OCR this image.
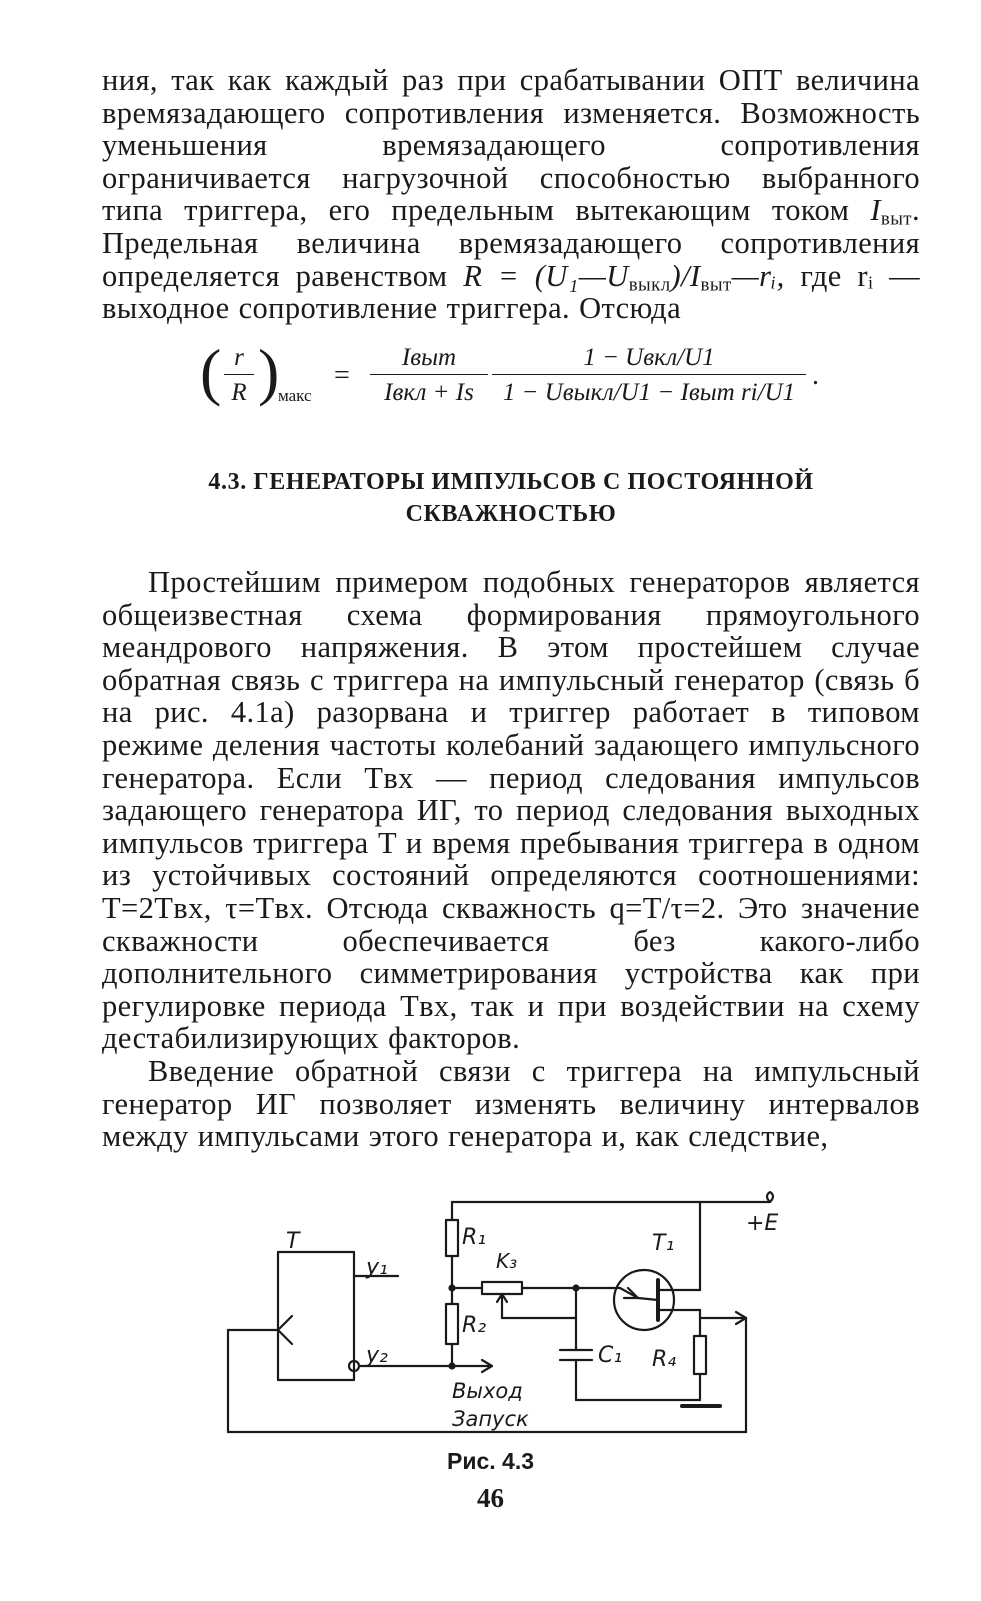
ния, так как каждый раз при срабатывании ОПТ величина времязадающего сопротивления изменяется. Возможность уменьшения времязадающего сопротивления ограничивается нагрузочной способностью выбранного типа триггера, его предельным вытекающим током $I_{выт}$. Предельная величина времязадающего сопротивления определяется равенством $R = (U_1—U_{выкл})/I_{выт}—rᵢ$, где rᵢ — выходное сопротивление триггера. Отсюда

( $\frac{r}{R}$ )
макс
=
Iвыт
Iвкл + Is
1 − Uвкл/U1
1 − Uвыкл/U1 − Iвыт ri/U1
.
4.3. ГЕНЕРАТОРЫ ИМПУЛЬСОВ С ПОСТОЯННОЙ
СКВАЖНОСТЬЮ

Простейшим примером подобных генераторов является общеизвестная схема формирования прямоугольного меандрового напряжения. В этом простейшем случае обратная связь с триггера на импульсный генератор (связь б на рис. 4.1а) разорвана и триггер работает в типовом режиме деления частоты колебаний задающего импульсного генератора. Если Tвх — период следования импульсов задающего генератора ИГ, то период следования выходных импульсов триггера T и время пребывания триггера в одном из устойчивых состояний определяются соотношениями: T=2Tвх, τ=Tвх. Отсюда скважность q=T/τ=2. Это значение скважности обеспечивается без какого-либо дополнительного симметрирования устройства как при регулировке периода Tвх, так и при воздействии на схему дестабилизирующих факторов.

Введение обратной связи с триггера на импульсный генератор ИГ позволяет изменять величину интервалов между импульсами этого генератора и, как следствие,

T
y₁
y₂
R₁
K₃
R₂
T₁
C₁ R₄
+E
Выход
Запуск
Рис. 4.3
46
